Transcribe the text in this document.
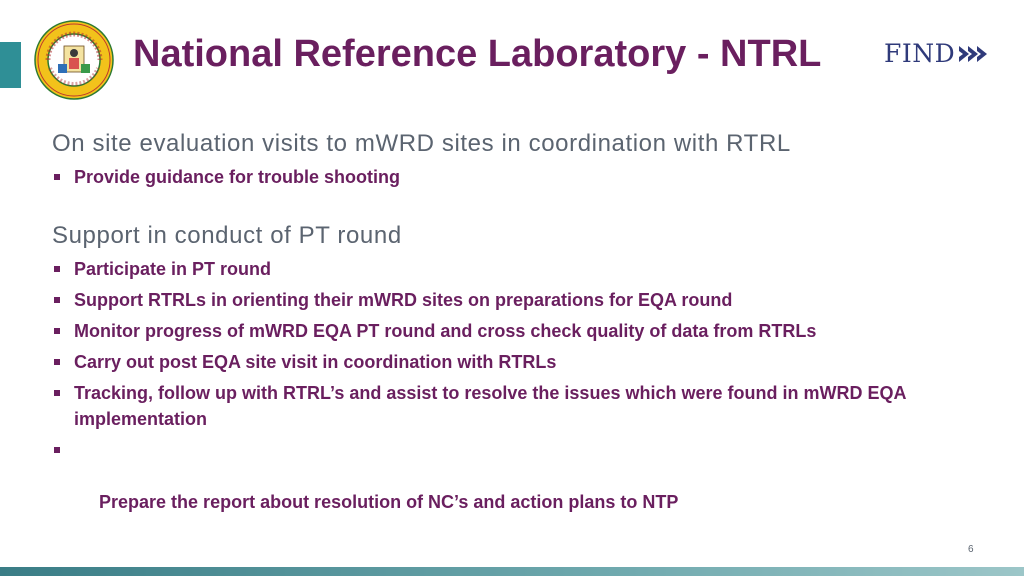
National Reference Laboratory - NTRL	FIND
On site evaluation visits to mWRD sites in coordination with RTRL
Provide guidance for trouble shooting
Support in conduct of PT round
Participate in PT round
Support RTRLs in orienting their mWRD sites on preparations for EQA round
Monitor progress of mWRD EQA PT round and cross check quality of data from RTRLs
Carry out post EQA site visit in coordination with RTRLs
Tracking, follow up with RTRL’s and assist to resolve the issues which were found in mWRD EQA implementation

Prepare the report about resolution of NC’s and action plans to NTP

6
